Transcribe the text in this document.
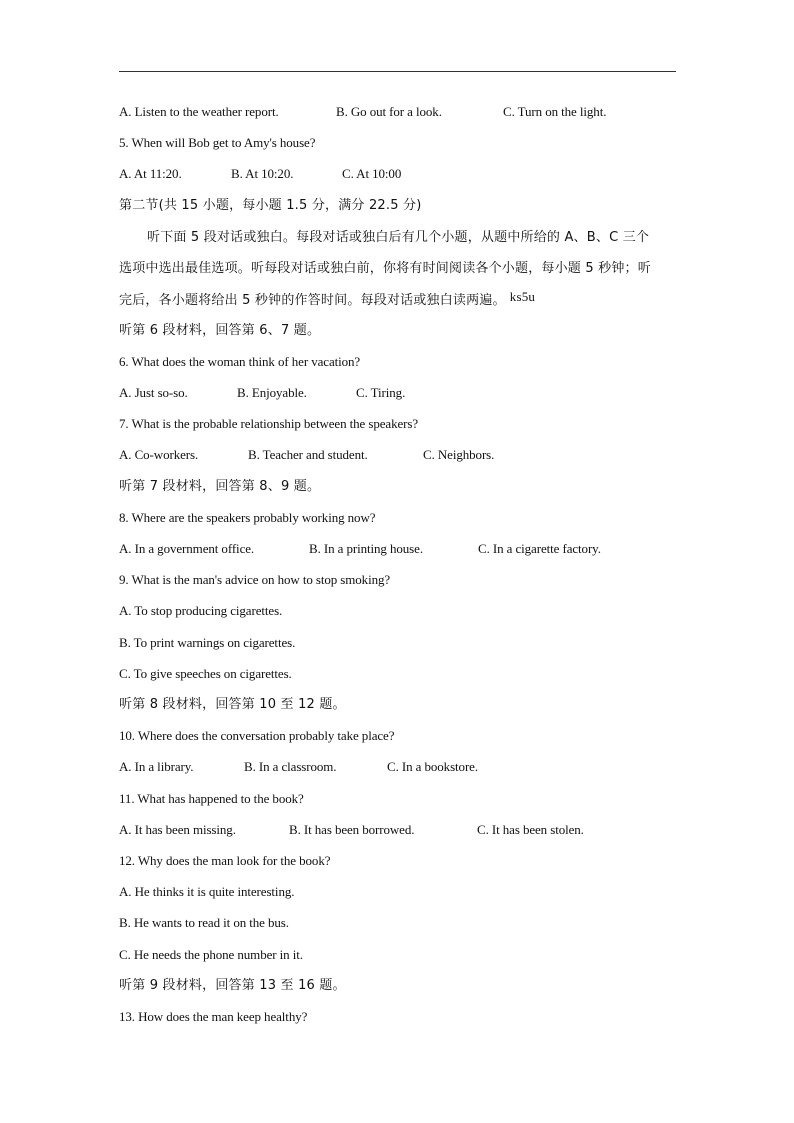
A. Listen to the weather report.	B. Go out for a look.	C. Turn on the light.
5. When will Bob get to Amy's house?
A. At 11:20.	B. At 10:20.	C. At 10:00
第二节(共 15 小题，每小题 1.5 分，满分 22.5 分)
听下面 5 段对话或独白。每段对话或独白后有几个小题，从题中所给的 A、B、C 三个
选项中选出最佳选项。听每段对话或独白前，你将有时间阅读各个小题，每小题 5 秒钟；听
完后，各小题将给出 5 秒钟的作答时间。每段对话或独白读两遍。 ks5u
听第 6 段材料，回答第 6、7 题。
6. What does the woman think of her vacation?
A. Just so-so.	B. Enjoyable.	C. Tiring.
7. What is the probable relationship between the speakers?
A. Co-workers.	B. Teacher and student.	C. Neighbors.
听第 7 段材料，回答第 8、9 题。
8. Where are the speakers probably working now?
A. In a government office.	B. In a printing house.	C. In a cigarette factory.
9. What is the man's advice on how to stop smoking?
A. To stop producing cigarettes.
B. To print warnings on cigarettes.
C. To give speeches on cigarettes.
听第 8 段材料，回答第 10 至 12 题。
10. Where does the conversation probably take place?
A. In a library.	B. In a classroom.	C. In a bookstore.
11. What has happened to the book?
A. It has been missing.	B. It has been borrowed.	C. It has been stolen.
12. Why does the man look for the book?
A. He thinks it is quite interesting.
B. He wants to read it on the bus.
C. He needs the phone number in it.
听第 9 段材料，回答第 13 至 16 题。
13. How does the man keep healthy?
